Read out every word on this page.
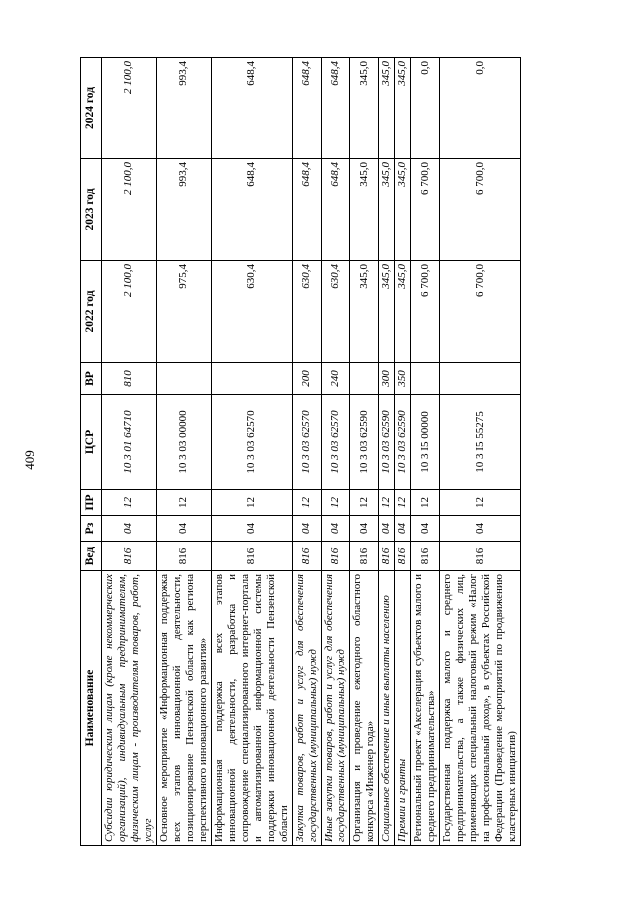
409
Наименование	Вед	Рз	ПР	ЦСР	ВР	2022 год	2023 год	2024 год
Субсидии юридическим лицам (кроме некоммерческих организаций), индивидуальным предпринимателям, физическим лицам - производителям товаров, работ, услуг	816	04	12	10 3 01 64710	810	2 100,0	2 100,0	2 100,0
Основное мероприятие «Информационная поддержка всех этапов инновационной деятельности, позиционирование Пензенской области как региона перспективного инновационного развития»	816	04	12	10 3 03 00000		975,4	993,4	993,4
Информационная поддержка всех этапов инновационной деятельности, разработка и сопровождение специализированного интернет-портала и автоматизированной информационной системы поддержки инновационной деятельности Пензенской области	816	04	12	10 3 03 62570		630,4	648,4	648,4
Закупка товаров, работ и услуг для обеспечения государственных (муниципальных) нужд	816	04	12	10 3 03 62570	200	630,4	648,4	648,4
Иные закупки товаров, работ и услуг для обеспечения государственных (муниципальных) нужд	816	04	12	10 3 03 62570	240	630,4	648,4	648,4
Организация и проведение ежегодного областного конкурса «Инженер года»	816	04	12	10 3 03 62590		345,0	345,0	345,0
Социальное обеспечение и иные выплаты населению	816	04	12	10 3 03 62590	300	345,0	345,0	345,0
Премии и гранты	816	04	12	10 3 03 62590	350	345,0	345,0	345,0
Региональный проект «Акселерация субъектов малого и среднего предпринимательства»	816	04	12	10 3 I5 00000		6 700,0	6 700,0	0,0
Государственная поддержка малого и среднего предпринимательства, а также физических лиц, применяющих специальный налоговый режим «Налог на профессиональный доход», в субъектах Российской Федерации (Проведение мероприятий по продвижению кластерных инициатив)	816	04	12	10 3 I5 55275		6 700,0	6 700,0	0,0
